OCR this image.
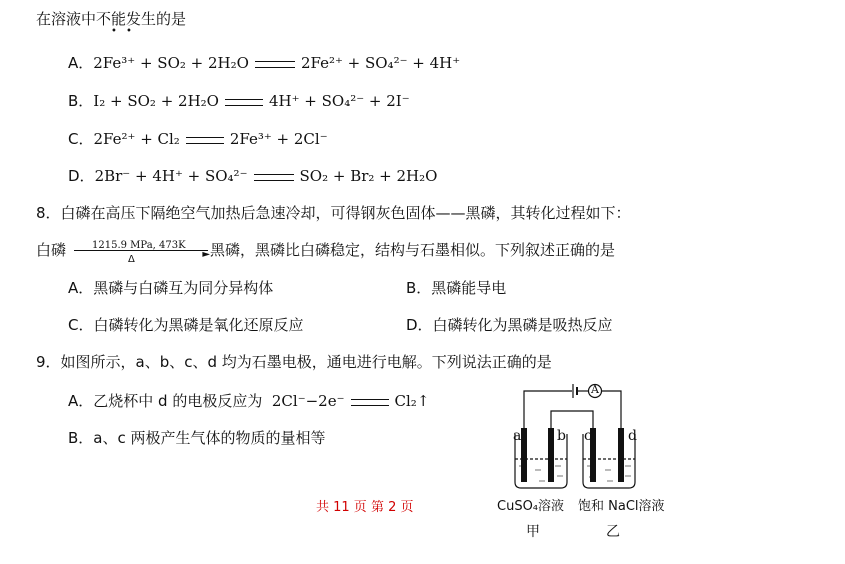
在溶液中不能发生的是
• •
A．2Fe³⁺ + SO₂ + 2H₂O	2Fe²⁺ + SO₄²⁻ + 4H⁺
B．I₂ + SO₂ + 2H₂O	4H⁺ + SO₄²⁻ + 2I⁻
C．2Fe²⁺ + Cl₂	2Fe³⁺ + 2Cl⁻
D．2Br⁻ + 4H⁺ + SO₄²⁻	SO₂ + Br₂ + 2H₂O
8．白磷在高压下隔绝空气加热后急速冷却，可得钢灰色固体——黑磷，其转化过程如下：
白磷	1215.9 MPa, 473K
►
Δ
黑磷，黑磷比白磷稳定，结构与石墨相似。下列叙述正确的是
A．黑磷与白磷互为同分异构体	B．黑磷能导电
C．白磷转化为黑磷是氧化还原反应	D．白磷转化为黑磷是吸热反应
9．如图所示，a、b、c、d 均为石墨电极，通电进行电解。下列说法正确的是
A．乙烧杯中 d 的电极反应为 2Cl⁻−2e⁻	Cl₂↑
B．a、c 两极产生气体的物质的量相等
共 11 页 第 2 页
A
a	b c	d
CuSO₄溶液 饱和 NaCl溶液
甲	乙
